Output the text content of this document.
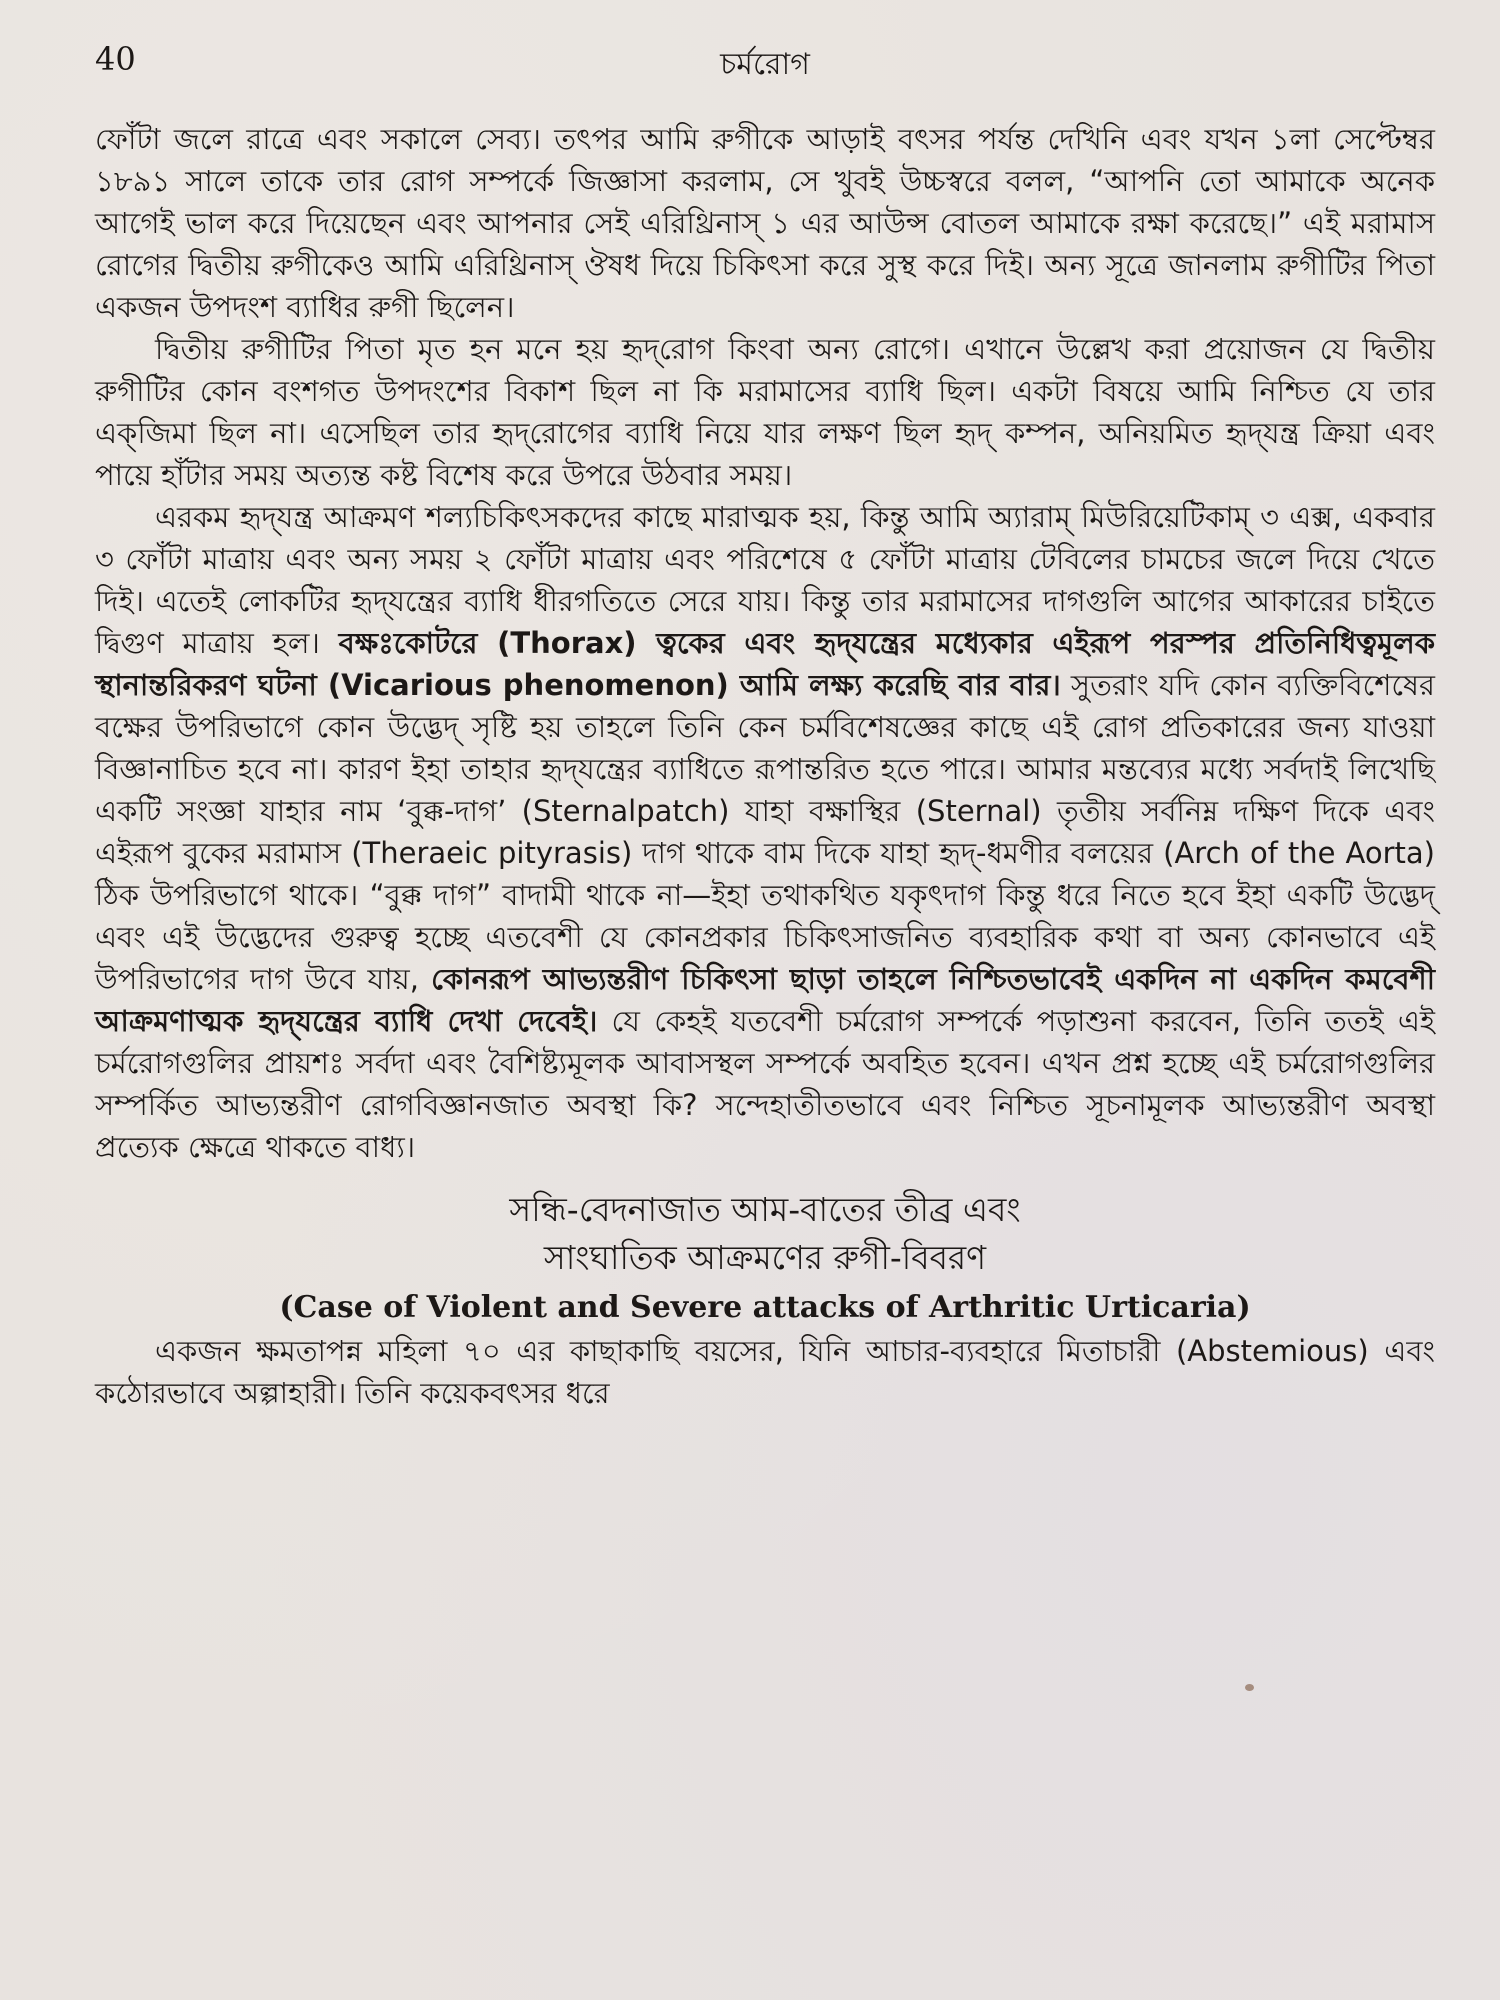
40	চর্মরোগ

ফোঁটা জলে রাত্রে এবং সকালে সেব্য। তৎপর আমি রুগীকে আড়াই বৎসর পর্যন্ত দেখিনি এবং যখন ১লা সেপ্টেম্বর ১৮৯১ সালে তাকে তার রোগ সম্পর্কে জিজ্ঞাসা করলাম, সে খুবই উচ্চস্বরে বলল, “আপনি তো আমাকে অনেক আগেই ভাল করে দিয়েছেন এবং আপনার সেই এরিথ্রিনাস্ ১ এর আউন্স বোতল আমাকে রক্ষা করেছে।” এই মরামাস রোগের দ্বিতীয় রুগীকেও আমি এরিথ্রিনাস্ ঔষধ দিয়ে চিকিৎসা করে সুস্থ করে দিই। অন্য সূত্রে জানলাম রুগীটির পিতা একজন উপদংশ ব্যাধির রুগী ছিলেন।

দ্বিতীয় রুগীটির পিতা মৃত হন মনে হয় হৃদ্‌রোগ কিংবা অন্য রোগে। এখানে উল্লেখ করা প্রয়োজন যে দ্বিতীয় রুগীটির কোন বংশগত উপদংশের বিকাশ ছিল না কি মরামাসের ব্যাধি ছিল। একটা বিষয়ে আমি নিশ্চিত যে তার এক্‌জিমা ছিল না। এসেছিল তার হৃদ্‌রোগের ব্যাধি নিয়ে যার লক্ষণ ছিল হৃদ্ কম্পন, অনিয়মিত হৃদ্‌যন্ত্র ক্রিয়া এবং পায়ে হাঁটার সময় অত্যন্ত কষ্ট বিশেষ করে উপরে উঠবার সময়।

এরকম হৃদ্‌যন্ত্র আক্রমণ শল্যচিকিৎসকদের কাছে মারাত্মক হয়, কিন্তু আমি অ্যারাম্ মিউরিয়েটিকাম্ ৩ এক্স, একবার ৩ ফোঁটা মাত্রায় এবং অন্য সময় ২ ফোঁটা মাত্রায় এবং পরিশেষে ৫ ফোঁটা মাত্রায় টেবিলের চামচের জলে দিয়ে খেতে দিই। এতেই লোকটির হৃদ্‌যন্ত্রের ব্যাধি ধীরগতিতে সেরে যায়। কিন্তু তার মরামাসের দাগগুলি আগের আকারের চাইতে দ্বিগুণ মাত্রায় হল। বক্ষঃকোটরে (Thorax) ত্বকের এবং হৃদ্‌যন্ত্রের মধ্যেকার এইরূপ পরস্পর প্রতিনিধিত্বমূলক স্থানান্তরিকরণ ঘটনা (Vicarious phenomenon) আমি লক্ষ্য করেছি বার বার। সুতরাং যদি কোন ব্যক্তিবিশেষের বক্ষের উপরিভাগে কোন উদ্ভেদ্ সৃষ্টি হয় তাহলে তিনি কেন চর্মবিশেষজ্ঞের কাছে এই রোগ প্রতিকারের জন্য যাওয়া বিজ্ঞানাচিত হবে না। কারণ ইহা তাহার হৃদ্‌যন্ত্রের ব্যাধিতে রূপান্তরিত হতে পারে। আমার মন্তব্যের মধ্যে সর্বদাই লিখেছি একটি সংজ্ঞা যাহার নাম ‘বুক্ক-দাগ’ (Sternalpatch) যাহা বক্ষাস্থির (Sternal) তৃতীয় সর্বনিম্ন দক্ষিণ দিকে এবং এইরূপ বুকের মরামাস (Theraeic pityrasis) দাগ থাকে বাম দিকে যাহা হৃদ্-ধমণীর বলয়ের (Arch of the Aorta) ঠিক উপরিভাগে থাকে। “বুক্ক দাগ” বাদামী থাকে না—ইহা তথাকথিত যকৃৎদাগ কিন্তু ধরে নিতে হবে ইহা একটি উদ্ভেদ্ এবং এই উদ্ভেদের গুরুত্ব হচ্ছে এতবেশী যে কোনপ্রকার চিকিৎসাজনিত ব্যবহারিক কথা বা অন্য কোনভাবে এই উপরিভাগের দাগ উবে যায়, কোনরূপ আভ্যন্তরীণ চিকিৎসা ছাড়া তাহলে নিশ্চিতভাবেই একদিন না একদিন কমবেশী আক্রমণাত্মক হৃদ্‌যন্ত্রের ব্যাধি দেখা দেবেই। যে কেহই যতবেশী চর্মরোগ সম্পর্কে পড়াশুনা করবেন, তিনি ততই এই চর্মরোগগুলির প্রায়শঃ সর্বদা এবং বৈশিষ্ট্যমূলক আবাসস্থল সম্পর্কে অবহিত হবেন। এখন প্রশ্ন হচ্ছে এই চর্মরোগগুলির সম্পর্কিত আভ্যন্তরীণ রোগবিজ্ঞানজাত অবস্থা কি? সন্দেহাতীতভাবে এবং নিশ্চিত সূচনামূলক আভ্যন্তরীণ অবস্থা প্রত্যেক ক্ষেত্রে থাকতে বাধ্য।

সন্ধি-বেদনাজাত আম-বাতের তীব্র এবং

সাংঘাতিক আক্রমণের রুগী-বিবরণ

(Case of Violent and Severe attacks of Arthritic Urticaria)

একজন ক্ষমতাপন্ন মহিলা ৭০ এর কাছাকাছি বয়সের, যিনি আচার-ব্যবহারে মিতাচারী (Abstemious) এবং কঠোরভাবে অল্পাহারী। তিনি কয়েকবৎসর ধরে
